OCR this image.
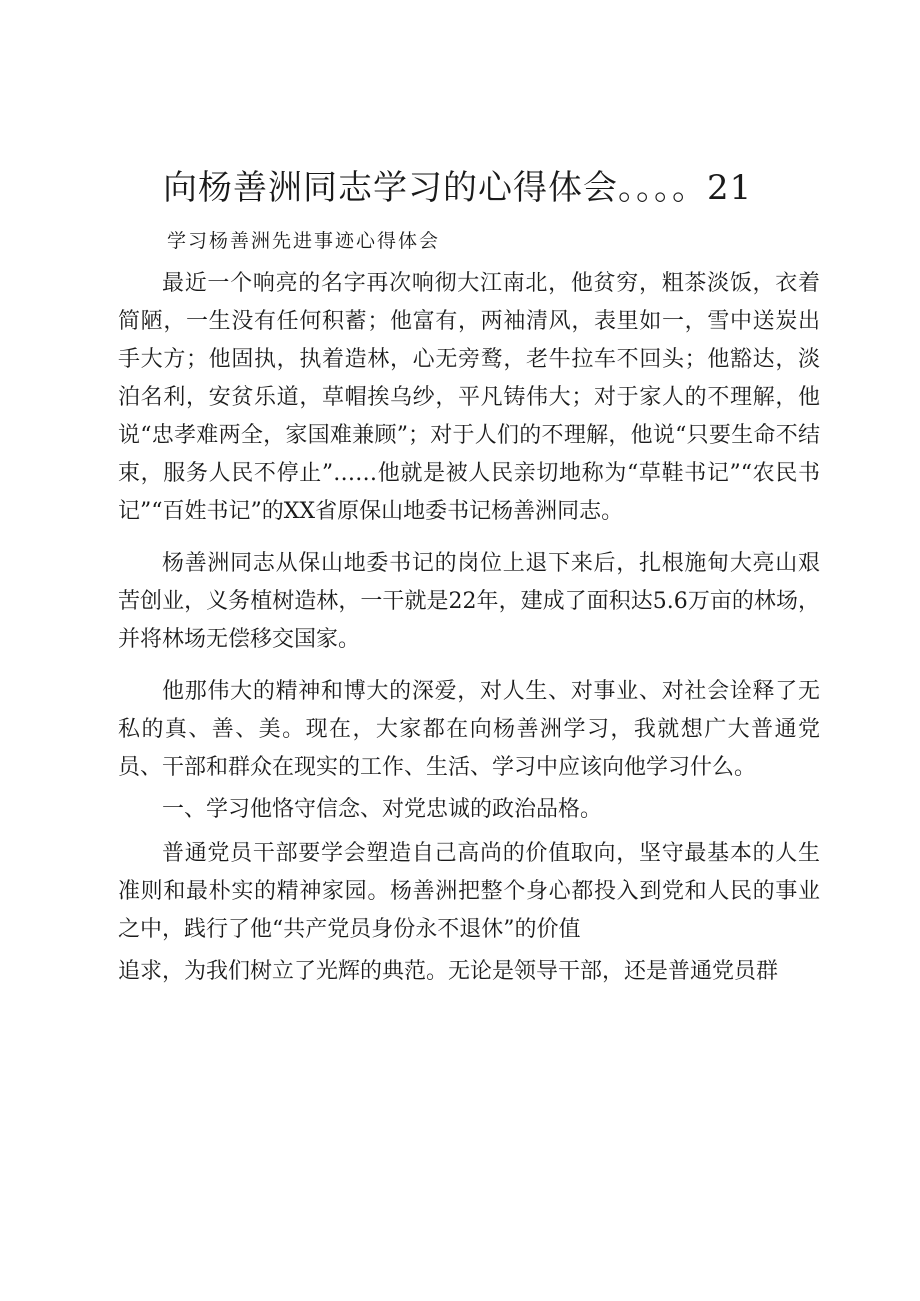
向杨善洲同志学习的心得体会。。。。21

学习杨善洲先进事迹心得体会

最近一个响亮的名字再次响彻大江南北，他贫穷，粗茶淡饭，衣着简陋，一生没有任何积蓄；他富有，两袖清风，表里如一，雪中送炭出手大方；他固执，执着造林，心无旁鹜，老牛拉车不回头；他豁达，淡泊名利，安贫乐道，草帽挨乌纱，平凡铸伟大；对于家人的不理解，他说“忠孝难两全，家国难兼顾”；对于人们的不理解，他说“只要生命不结束，服务人民不停止”……他就是被人民亲切地称为“草鞋书记”“农民书记”“百姓书记”的XX省原保山地委书记杨善洲同志。

杨善洲同志从保山地委书记的岗位上退下来后，扎根施甸大亮山艰苦创业，义务植树造林，一干就是22年，建成了面积达5.6万亩的林场，并将林场无偿移交国家。

他那伟大的精神和博大的深爱，对人生、对事业、对社会诠释了无私的真、善、美。现在，大家都在向杨善洲学习，我就想广大普通党员、干部和群众在现实的工作、生活、学习中应该向他学习什么。

一、学习他恪守信念、对党忠诚的政治品格。

普通党员干部要学会塑造自己高尚的价值取向，坚守最基本的人生准则和最朴实的精神家园。杨善洲把整个身心都投入到党和人民的事业之中，践行了他“共产党员身份永不退休”的价值

追求，为我们树立了光辉的典范。无论是领导干部，还是普通党员群
